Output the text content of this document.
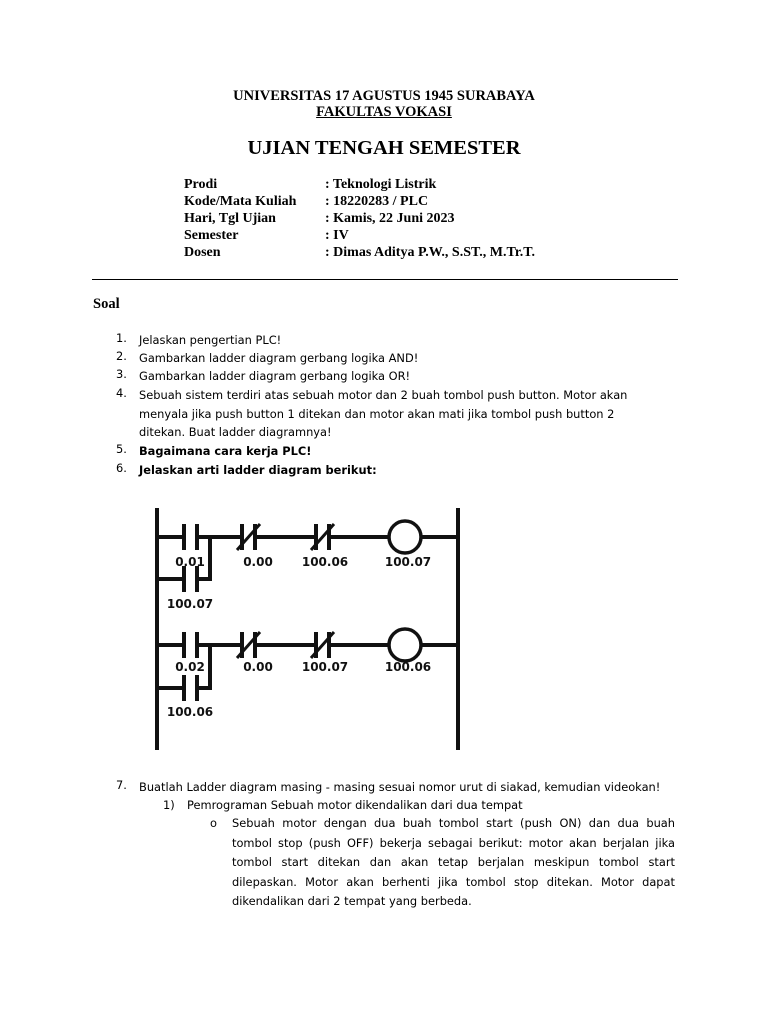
UNIVERSITAS 17 AGUSTUS 1945 SURABAYA
FAKULTAS VOKASI
UJIAN TENGAH SEMESTER
Prodi	: Teknologi Listrik
Kode/Mata Kuliah : 18220283 / PLC
Hari, Tgl Ujian	: Kamis, 22 Juni 2023
Semester	: IV
Dosen	: Dimas Aditya P.W., S.ST., M.Tr.T.
Soal
1. Jelaskan pengertian PLC!
2. Gambarkan ladder diagram gerbang logika AND!
3. Gambarkan ladder diagram gerbang logika OR!
4. Sebuah sistem terdiri atas sebuah motor dan 2 buah tombol push button. Motor akan menyala jika push button 1 ditekan dan motor akan mati jika tombol push button 2 ditekan. Buat ladder diagramnya!
5. Bagaimana cara kerja PLC!
6. Jelaskan arti ladder diagram berikut:
0.01	0.00 100.06	100.07
100.07
0.02	0.00 100.07	100.06
100.06
7. Buatlah Ladder diagram masing - masing sesuai nomor urut di siakad, kemudian videokan!
1) Pemrograman Sebuah motor dikendalikan dari dua tempat
o Sebuah motor dengan dua buah tombol start (push ON) dan dua buah tombol stop (push OFF) bekerja sebagai berikut: motor akan berjalan jika tombol start ditekan dan akan tetap berjalan meskipun tombol start dilepaskan. Motor akan berhenti jika tombol stop ditekan. Motor dapat dikendalikan dari 2 tempat yang berbeda.
